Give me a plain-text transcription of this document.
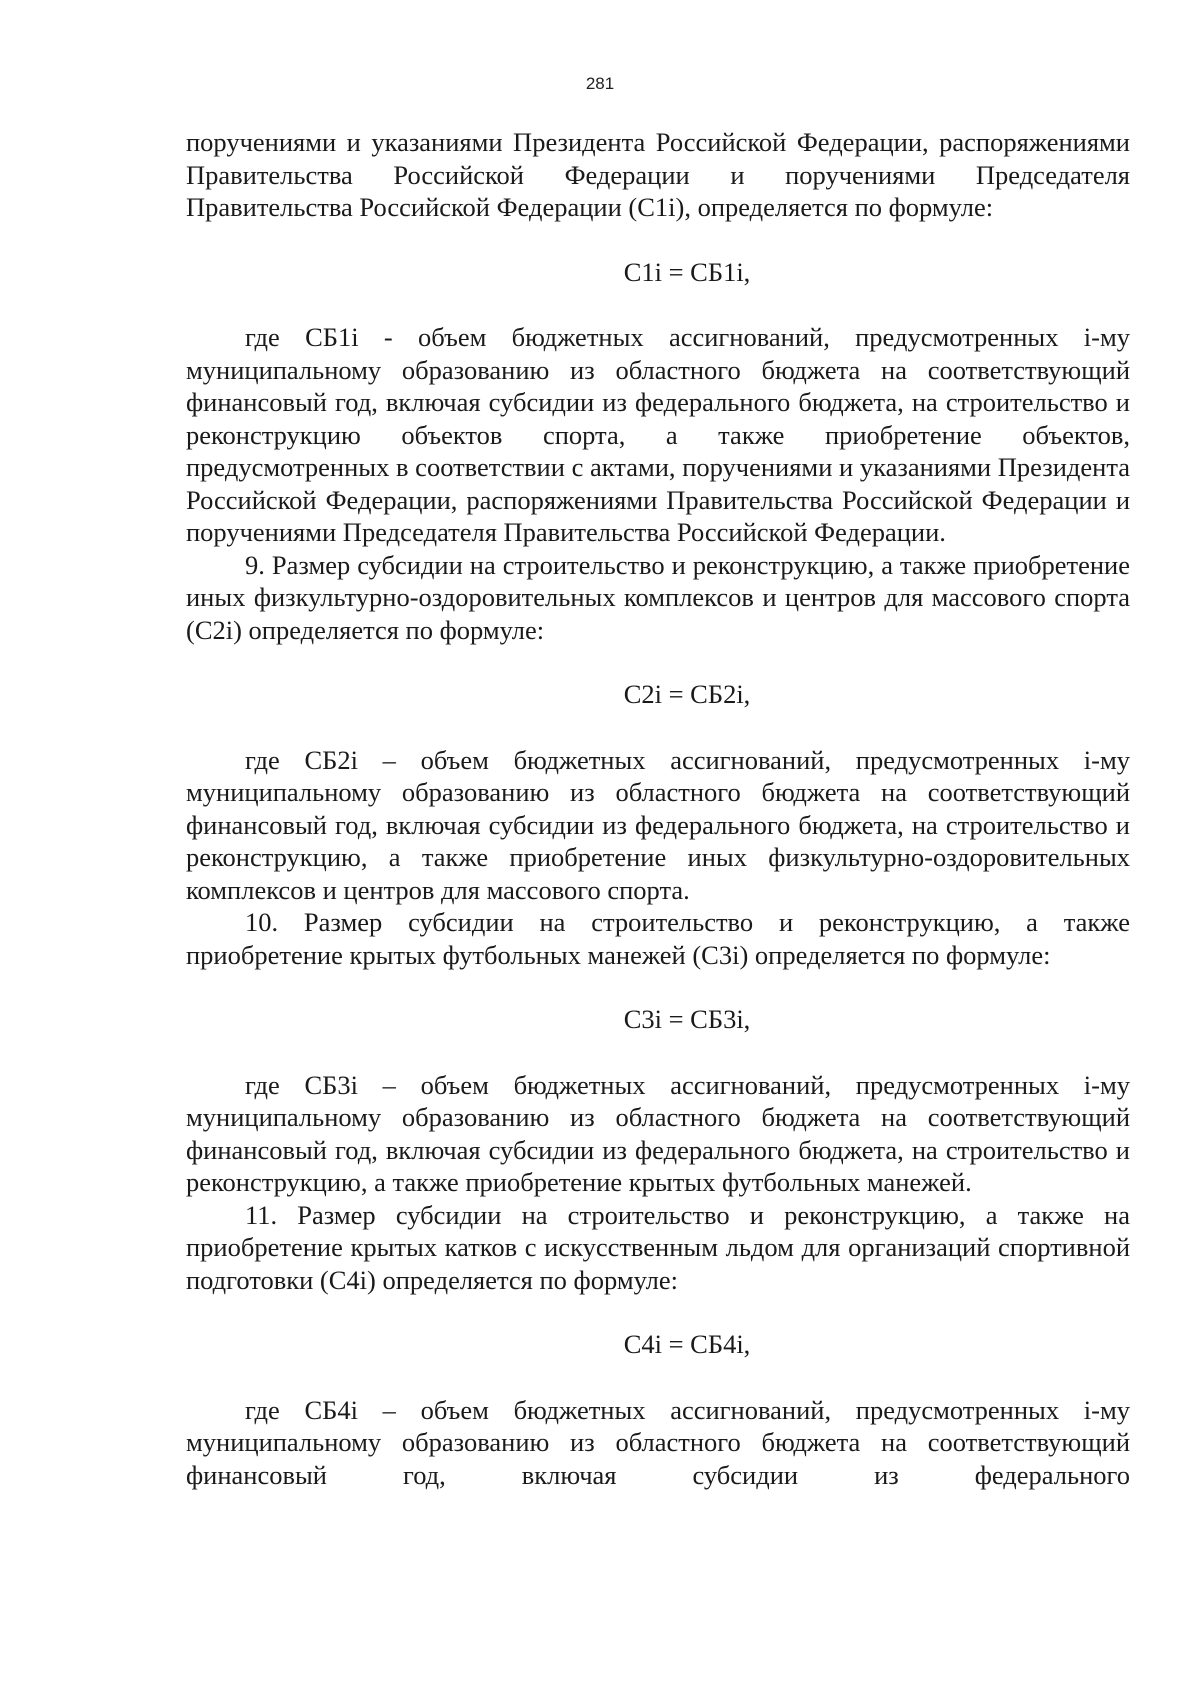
281

поручениями и указаниями Президента Российской Федерации, распоряжениями Правительства Российской Федерации и поручениями Председателя Правительства Российской Федерации (C1i), определяется по формуле:

C1i = СБ1i,

где СБ1i - объем бюджетных ассигнований, предусмотренных i-му муниципальному образованию из областного бюджета на соответствующий финансовый год, включая субсидии из федерального бюджета, на строительство и реконструкцию объектов спорта, а также приобретение объектов, предусмотренных в соответствии с актами, поручениями и указаниями Президента Российской Федерации, распоряжениями Правительства Российской Федерации и поручениями Председателя Правительства Российской Федерации.

9. Размер субсидии на строительство и реконструкцию, а также приобретение иных физкультурно-оздоровительных комплексов и центров для массового спорта (С2i) определяется по формуле:

С2i = СБ2i,

где СБ2i – объем бюджетных ассигнований, предусмотренных i-му муниципальному образованию из областного бюджета на соответствующий финансовый год, включая субсидии из федерального бюджета, на строительство и реконструкцию, а также приобретение иных физкультурно-оздоровительных комплексов и центров для массового спорта.

10. Размер субсидии на строительство и реконструкцию, а также приобретение крытых футбольных манежей (С3i) определяется по формуле:

С3i = СБ3i,

где СБ3i – объем бюджетных ассигнований, предусмотренных i-му муниципальному образованию из областного бюджета на соответствующий финансовый год, включая субсидии из федерального бюджета, на строительство и реконструкцию, а также приобретение крытых футбольных манежей.

11. Размер субсидии на строительство и реконструкцию, а также на приобретение крытых катков с искусственным льдом для организаций спортивной подготовки (С4i) определяется по формуле:

С4i = СБ4i,

где СБ4i – объем бюджетных ассигнований, предусмотренных i-му муниципальному образованию из областного бюджета на соответствующий финансовый год, включая субсидии из федерального
